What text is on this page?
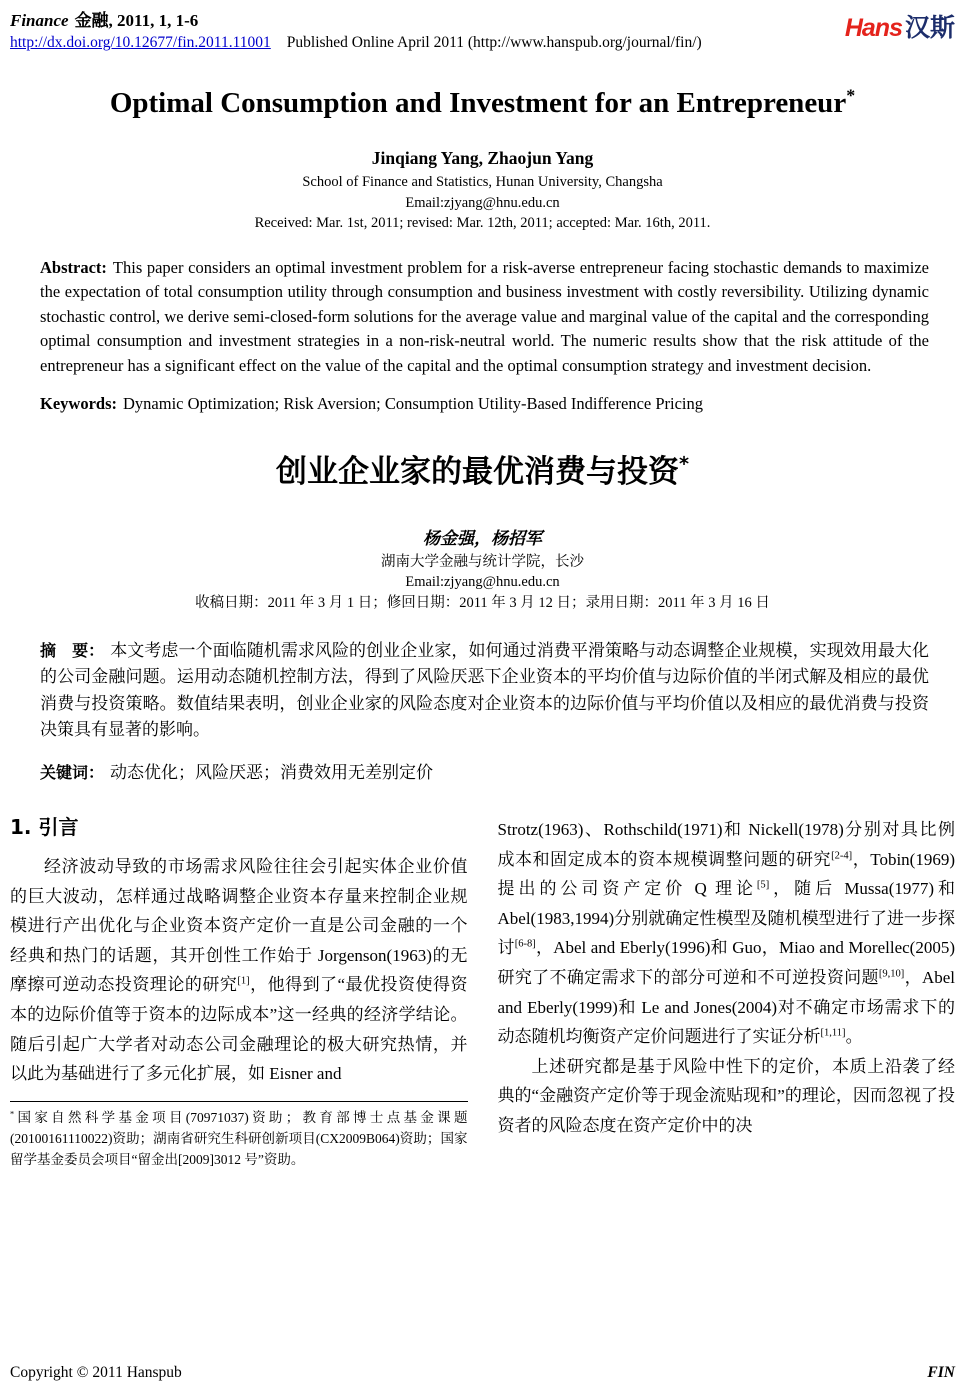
Finance 金融, 2011, 1, 1-6
http://dx.doi.org/10.12677/fin.2011.11001 Published Online April 2011 (http://www.hanspub.org/journal/fin/)
Hans 汉斯
Optimal Consumption and Investment for an Entrepreneur*
Jinqiang Yang, Zhaojun Yang
School of Finance and Statistics, Hunan University, Changsha
Email:zjyang@hnu.edu.cn
Received: Mar. 1st, 2011; revised: Mar. 12th, 2011; accepted: Mar. 16th, 2011.

Abstract: This paper considers an optimal investment problem for a risk-averse entrepreneur facing stochastic demands to maximize the expectation of total consumption utility through consumption and business investment with costly reversibility. Utilizing dynamic stochastic control, we derive semi-closed-form solutions for the average value and marginal value of the capital and the corresponding optimal consumption and investment strategies in a non-risk-neutral world. The numeric results show that the risk attitude of the entrepreneur has a significant effect on the value of the capital and the optimal consumption strategy and investment decision.

Keywords: Dynamic Optimization; Risk Aversion; Consumption Utility-Based Indifference Pricing

创业企业家的最优消费与投资*
杨金强，杨招军
湖南大学金融与统计学院，长沙
Email:zjyang@hnu.edu.cn
收稿日期：2011 年 3 月 1 日；修回日期：2011 年 3 月 12 日；录用日期：2011 年 3 月 16 日

摘　要： 本文考虑一个面临随机需求风险的创业企业家，如何通过消费平滑策略与动态调整企业规模，实现效用最大化的公司金融问题。运用动态随机控制方法，得到了风险厌恶下企业资本的平均价值与边际价值的半闭式解及相应的最优消费与投资策略。数值结果表明，创业企业家的风险态度对企业资本的边际价值与平均价值以及相应的最优消费与投资决策具有显著的影响。

关键词： 动态优化；风险厌恶；消费效用无差别定价

1. 引言

经济波动导致的市场需求风险往往会引起实体企业价值的巨大波动，怎样通过战略调整企业资本存量来控制企业规模进行产出优化与企业资本资产定价一直是公司金融的一个经典和热门的话题，其开创性工作始于 Jorgenson(1963)的无摩擦可逆动态投资理论的研究[1]，他得到了“最优投资使得资本的边际价值等于资本的边际成本”这一经典的经济学结论。随后引起广大学者对动态公司金融理论的极大研究热情，并以此为基础进行了多元化扩展，如 Eisner and

*国家自然科学基金项目(70971037)资助；教育部博士点基金课题(20100161110022)资助；湖南省研究生科研创新项目(CX2009B064)资助；国家留学基金委员会项目“留金出[2009]3012 号”资助。

Strotz(1963)、Rothschild(1971)和 Nickell(1978)分别对具比例成本和固定成本的资本规模调整问题的研究[2-4]，Tobin(1969)提出的公司资产定价 Q 理论[5]，随后 Mussa(1977)和 Abel(1983,1994)分别就确定性模型及随机模型进行了进一步探讨[6-8]，Abel and Eberly(1996)和 Guo，Miao and Morellec(2005)研究了不确定需求下的部分可逆和不可逆投资问题[9,10]，Abel and Eberly(1999)和 Le and Jones(2004)对不确定市场需求下的动态随机均衡资产定价问题进行了实证分析[1,11]。

上述研究都是基于风险中性下的定价，本质上沿袭了经典的“金融资产定价等于现金流贴现和”的理论，因而忽视了投资者的风险态度在资产定价中的决

Copyright © 2011 Hanspub	FIN
